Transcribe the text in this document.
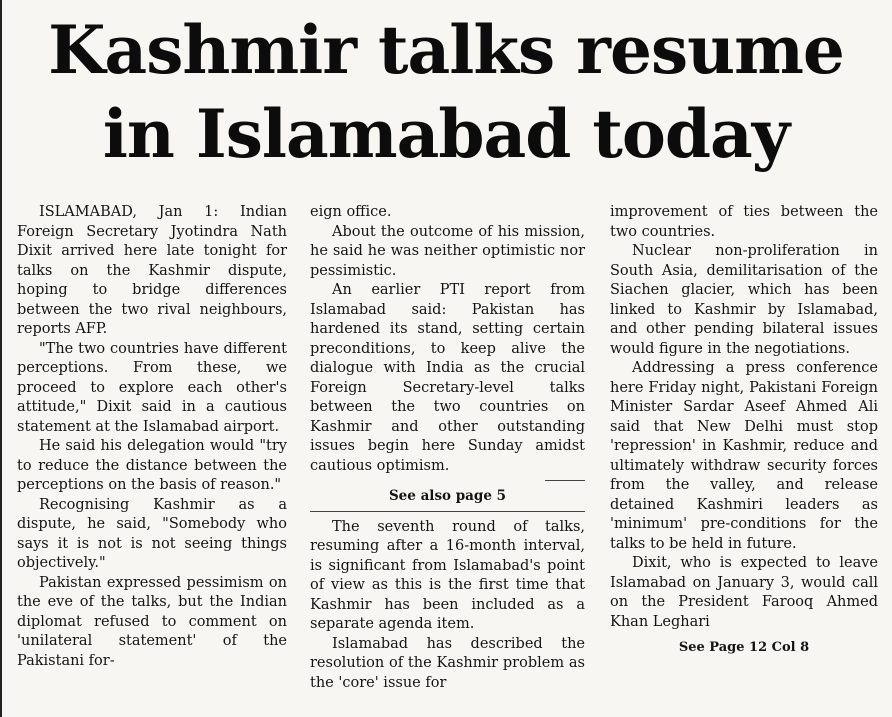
Kashmir talks resume
in Islamabad today

ISLAMABAD, Jan 1: Indian Foreign Secretary Jyotindra Nath Dixit arrived here late tonight for talks on the Kashmir dispute, hoping to bridge differences between the two rival neighbours, reports AFP.

"The two countries have different perceptions. From these, we proceed to explore each other's attitude," Dixit said in a cautious statement at the Islamabad airport.

He said his delegation would "try to reduce the distance between the perceptions on the basis of reason."

Recognising Kashmir as a dispute, he said, "Somebody who says it is not is not seeing things objectively."

Pakistan expressed pessimism on the eve of the talks, but the Indian diplomat refused to comment on 'unilateral statement' of the Pakistani for-

eign office.

About the outcome of his mission, he said he was neither optimistic nor pessimistic.

An earlier PTI report from Islamabad said: Pakistan has hardened its stand, setting certain preconditions, to keep alive the dialogue with India as the crucial Foreign Secretary-level talks between the two countries on Kashmir and other outstanding issues begin here Sunday amidst cautious optimism.

See also page 5

The seventh round of talks, resuming after a 16-month interval, is significant from Islamabad's point of view as this is the first time that Kashmir has been included as a separate agenda item.

Islamabad has described the resolution of the Kashmir problem as the 'core' issue for

improvement of ties between the two countries.

Nuclear non-proliferation in South Asia, demilitarisation of the Siachen glacier, which has been linked to Kashmir by Islamabad, and other pending bilateral issues would figure in the negotiations.

Addressing a press conference here Friday night, Pakistani Foreign Minister Sardar Aseef Ahmed Ali said that New Delhi must stop 'repression' in Kashmir, reduce and ultimately withdraw security forces from the valley, and release detained Kashmiri leaders as 'minimum' pre-conditions for the talks to be held in future.

Dixit, who is expected to leave Islamabad on January 3, would call on the President Farooq Ahmed Khan Leghari

See Page 12 Col 8
